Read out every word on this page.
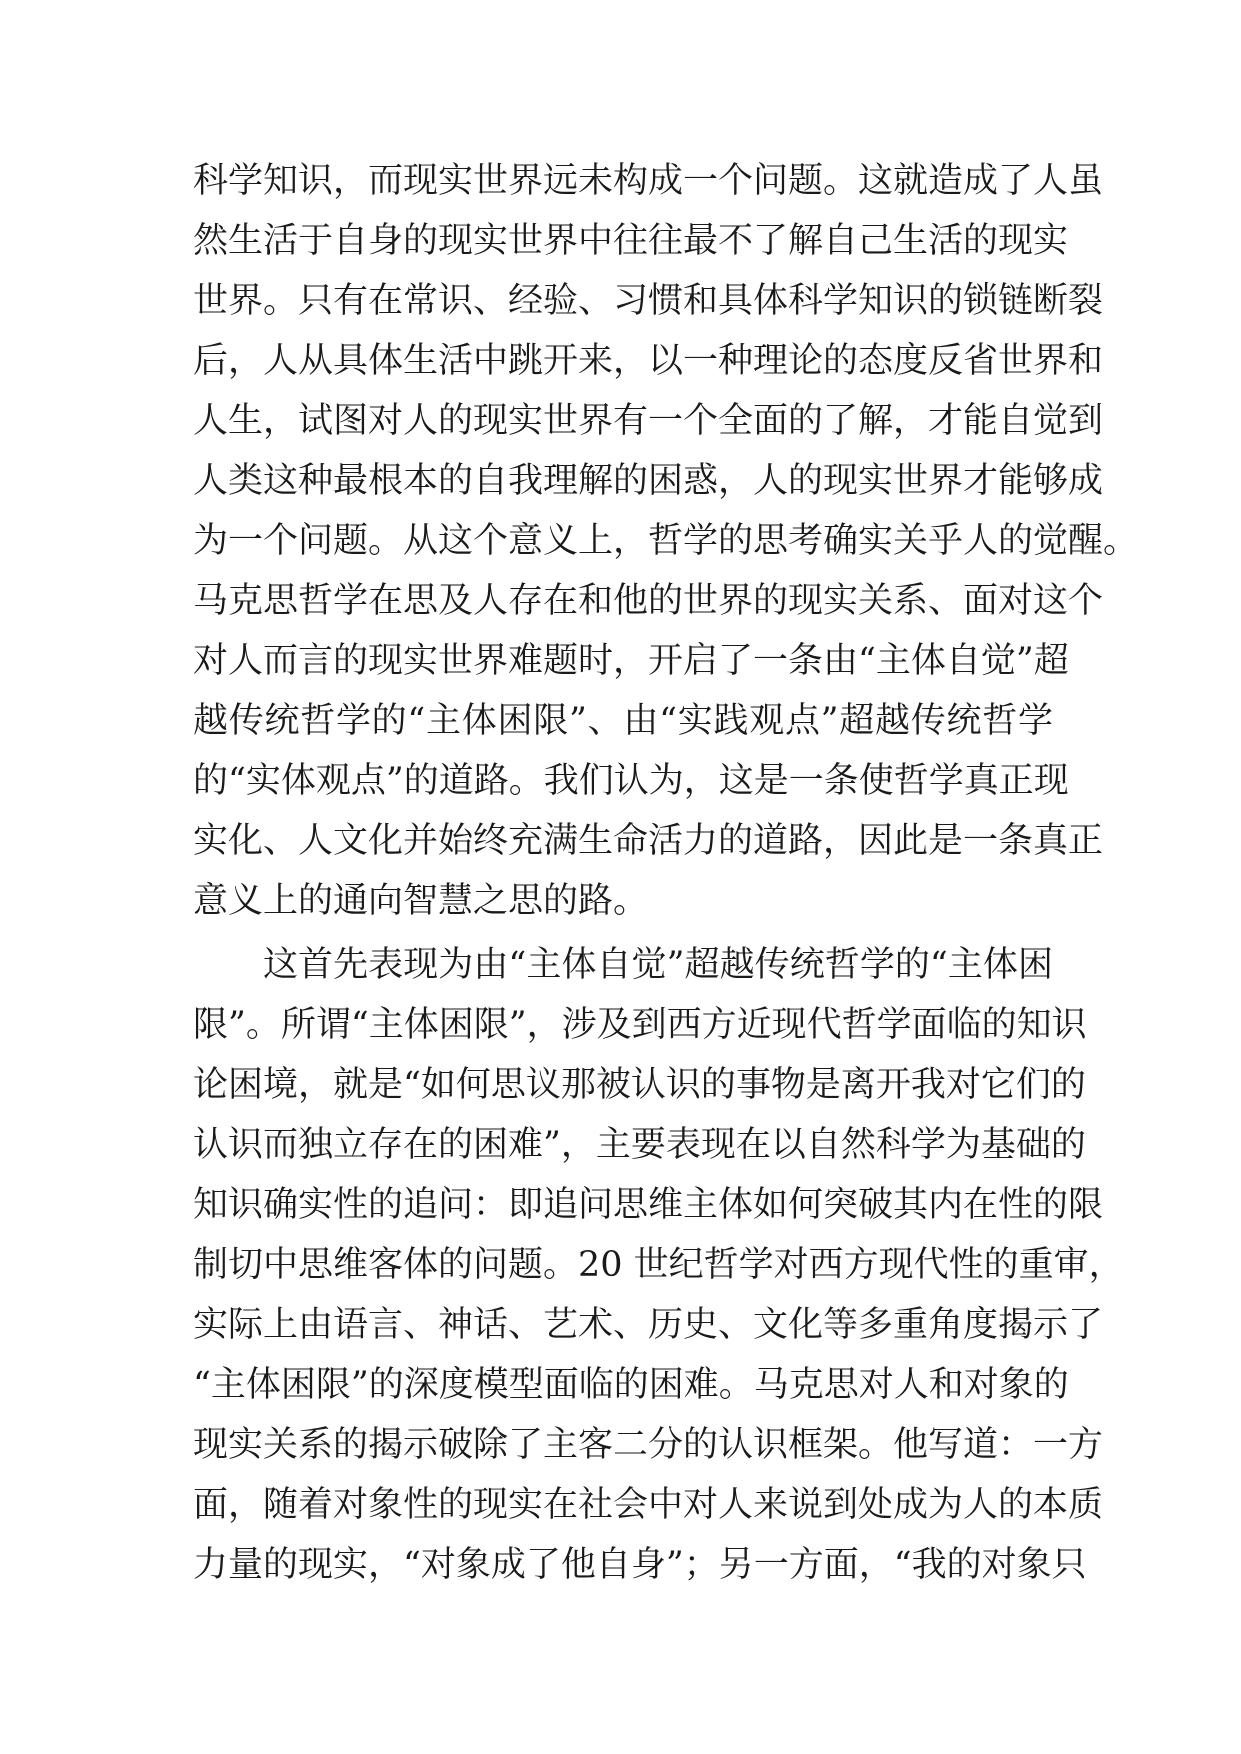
科学知识，而现实世界远未构成一个问题。这就造成了人虽
然生活于自身的现实世界中往往最不了解自己生活的现实
世界。只有在常识、经验、习惯和具体科学知识的锁链断裂
后，人从具体生活中跳开来，以一种理论的态度反省世界和
人生，试图对人的现实世界有一个全面的了解，才能自觉到
人类这种最根本的自我理解的困惑，人的现实世界才能够成
为一个问题。从这个意义上，哲学的思考确实关乎人的觉醒。
马克思哲学在思及人存在和他的世界的现实关系、面对这个
对人而言的现实世界难题时，开启了一条由“主体自觉”超
越传统哲学的“主体困限”、由“实践观点”超越传统哲学
的“实体观点”的道路。我们认为，这是一条使哲学真正现
实化、人文化并始终充满生命活力的道路，因此是一条真正
意义上的通向智慧之思的路。
这首先表现为由“主体自觉”超越传统哲学的“主体困
限”。所谓“主体困限”，涉及到西方近现代哲学面临的知识
论困境，就是“如何思议那被认识的事物是离开我对它们的
认识而独立存在的困难”，主要表现在以自然科学为基础的
知识确实性的追问：即追问思维主体如何突破其内在性的限
制切中思维客体的问题。20 世纪哲学对西方现代性的重审，
实际上由语言、神话、艺术、历史、文化等多重角度揭示了
“主体困限”的深度模型面临的困难。马克思对人和对象的
现实关系的揭示破除了主客二分的认识框架。他写道：一方
面，随着对象性的现实在社会中对人来说到处成为人的本质
力量的现实，“对象成了他自身”；另一方面，“我的对象只
